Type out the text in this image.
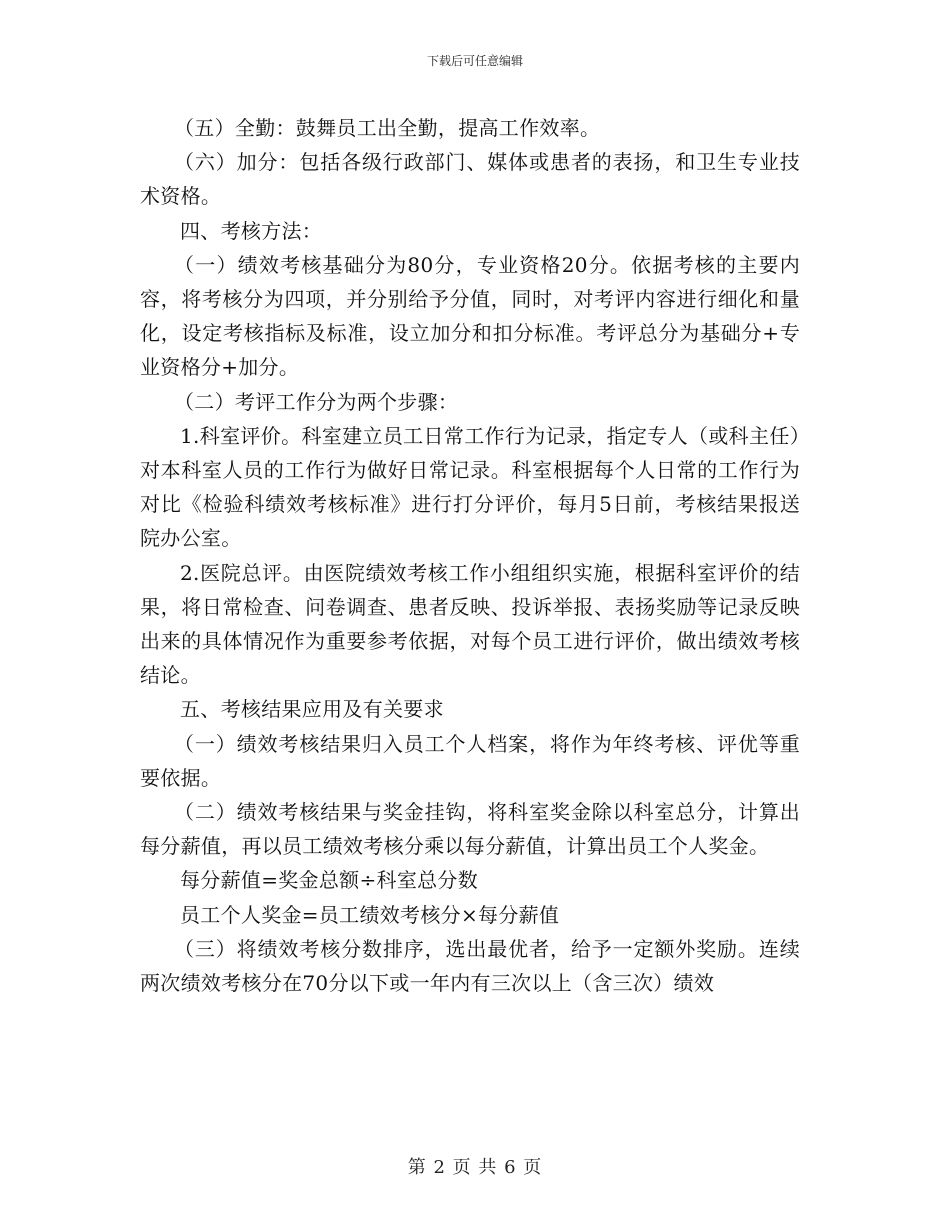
下载后可任意编辑

（五）全勤：鼓舞员工出全勤，提高工作效率。

（六）加分：包括各级行政部门、媒体或患者的表扬，和卫生专业技术资格。

四、考核方法：

（一）绩效考核基础分为80分，专业资格20分。依据考核的主要内容，将考核分为四项，并分别给予分值，同时，对考评内容进行细化和量化，设定考核指标及标准，设立加分和扣分标准。考评总分为基础分+专业资格分+加分。

（二）考评工作分为两个步骤：

1.科室评价。科室建立员工日常工作行为记录，指定专人（或科主任）对本科室人员的工作行为做好日常记录。科室根据每个人日常的工作行为对比《检验科绩效考核标准》进行打分评价，每月5日前，考核结果报送院办公室。

2.医院总评。由医院绩效考核工作小组组织实施，根据科室评价的结果，将日常检查、问卷调查、患者反映、投诉举报、表扬奖励等记录反映出来的具体情况作为重要参考依据，对每个员工进行评价，做出绩效考核结论。

五、考核结果应用及有关要求

（一）绩效考核结果归入员工个人档案，将作为年终考核、评优等重要依据。

（二）绩效考核结果与奖金挂钩，将科室奖金除以科室总分，计算出每分薪值，再以员工绩效考核分乘以每分薪值，计算出员工个人奖金。

每分薪值=奖金总额÷科室总分数

员工个人奖金=员工绩效考核分×每分薪值

（三）将绩效考核分数排序，选出最优者，给予一定额外奖励。连续两次绩效考核分在70分以下或一年内有三次以上（含三次）绩效

第 2 页 共 6 页
